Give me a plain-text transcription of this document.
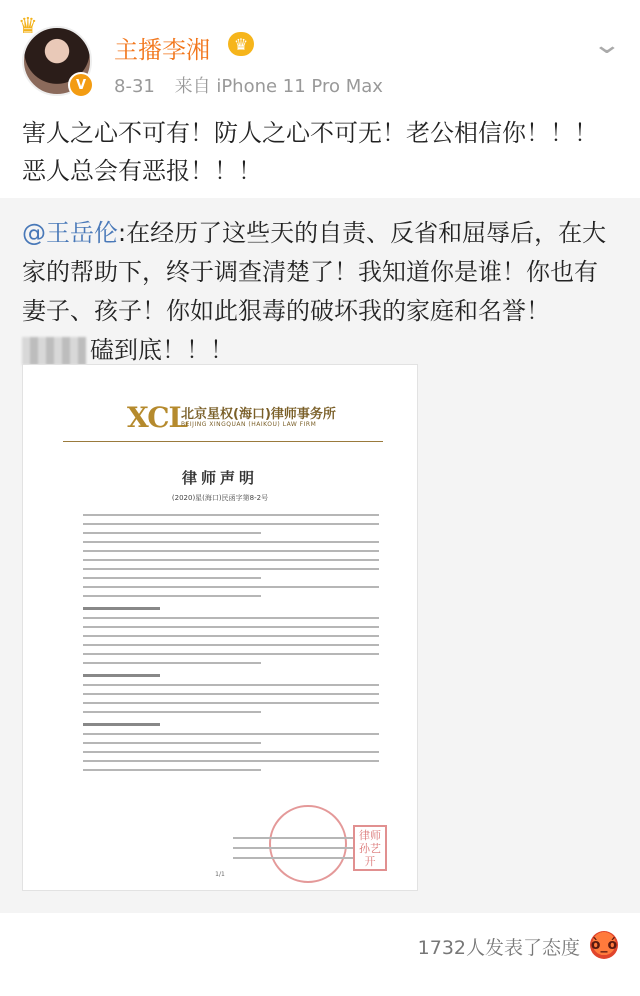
♛
V
主播李湘	♛
8-31 来自 iPhone 11 Pro Max
⌄
害人之心不可有！防人之心不可无！老公相信你！！！恶人总会有恶报！！！
@王岳伦:在经历了这些天的自责、反省和屈辱后，在大家的帮助下，终于调查清楚了！我知道你是谁！你也有妻子、孩子！你如此狠毒的破坏我的家庭和名誉！ 磕到底！！！
XCL
北京星权(海口)律师事务所
BEIJING XINGQUAN (HAIKOU) LAW FIRM
律师声明
(2020)星(海口)民函字第8-2号
律师 孙艺开
1/1
1732人发表了态度 ò_ó
